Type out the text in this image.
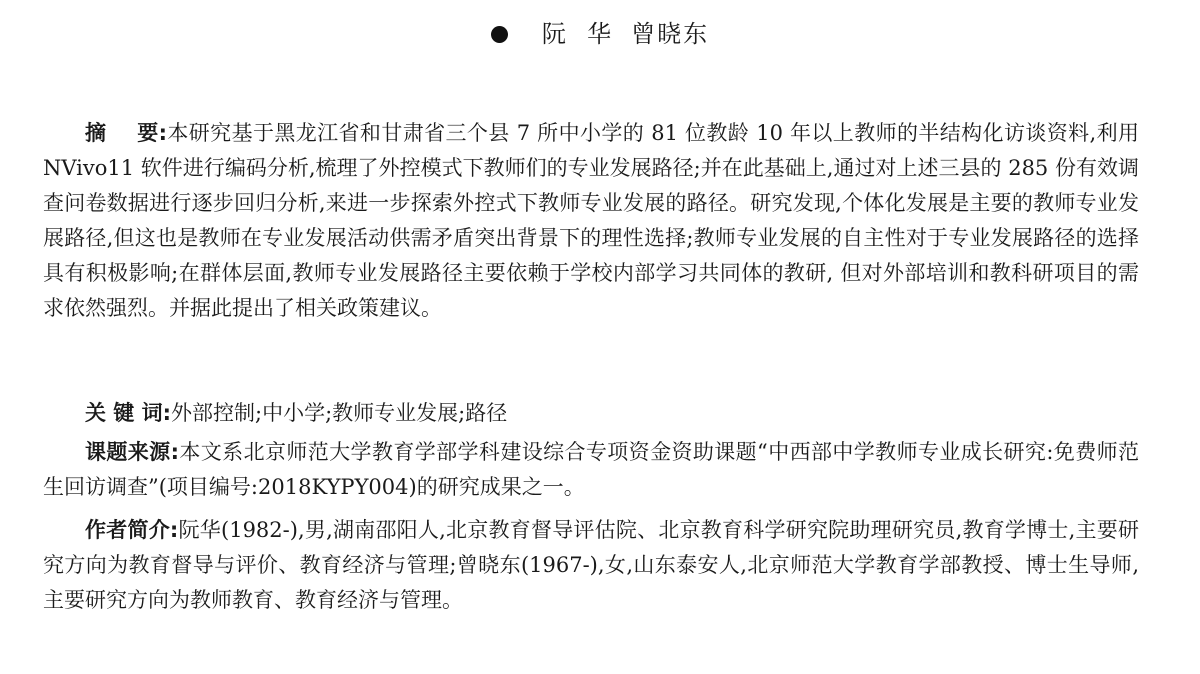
阮  华 曾晓东

摘    要:本研究基于黑龙江省和甘肃省三个县 7 所中小学的 81 位教龄 10 年以上教师的半结构化访谈资料,利用 NVivo11 软件进行编码分析,梳理了外控模式下教师们的专业发展路径;并在此基础上,通过对上述三县的 285 份有效调查问卷数据进行逐步回归分析,来进一步探索外控式下教师专业发展的路径。研究发现,个体化发展是主要的教师专业发展路径,但这也是教师在专业发展活动供需矛盾突出背景下的理性选择;教师专业发展的自主性对于专业发展路径的选择具有积极影响;在群体层面,教师专业发展路径主要依赖于学校内部学习共同体的教研, 但对外部培训和教科研项目的需求依然强烈。并据此提出了相关政策建议。

关 键 词:外部控制;中小学;教师专业发展;路径

课题来源:本文系北京师范大学教育学部学科建设综合专项资金资助课题“中西部中学教师专业成长研究:免费师范生回访调查”(项目编号:2018KYPY004)的研究成果之一。

作者简介:阮华(1982-),男,湖南邵阳人,北京教育督导评估院、北京教育科学研究院助理研究员,教育学博士,主要研究方向为教育督导与评价、教育经济与管理;曾晓东(1967-),女,山东泰安人,北京师范大学教育学部教授、博士生导师,主要研究方向为教师教育、教育经济与管理。
